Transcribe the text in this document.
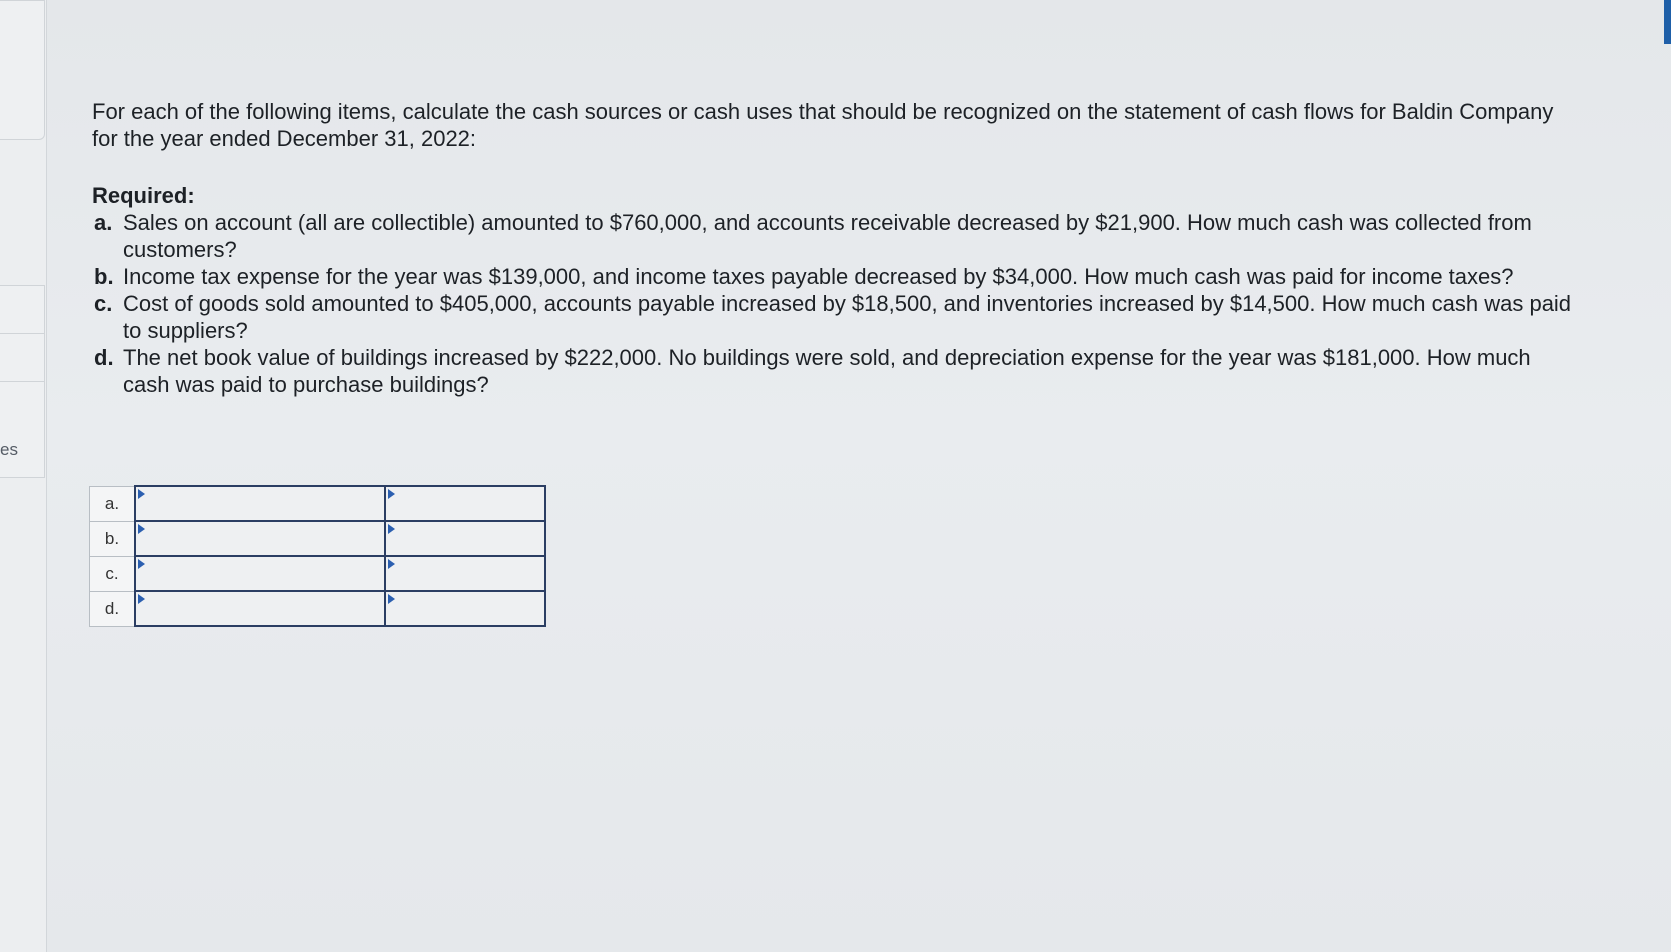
es

For each of the following items, calculate the cash sources or cash uses that should be recognized on the statement of cash flows for Baldin Company for the year ended December 31, 2022:

Required:

a. Sales on account (all are collectible) amounted to $760,000, and accounts receivable decreased by $21,900. How much cash was collected from customers?
b. Income tax expense for the year was $139,000, and income taxes payable decreased by $34,000. How much cash was paid for income taxes?
c. Cost of goods sold amounted to $405,000, accounts payable increased by $18,500, and inventories increased by $14,500. How much cash was paid to suppliers?
d. The net book value of buildings increased by $222,000. No buildings were sold, and depreciation expense for the year was $181,000. How much cash was paid to purchase buildings?
a.	

b.	

c.	

d.	
